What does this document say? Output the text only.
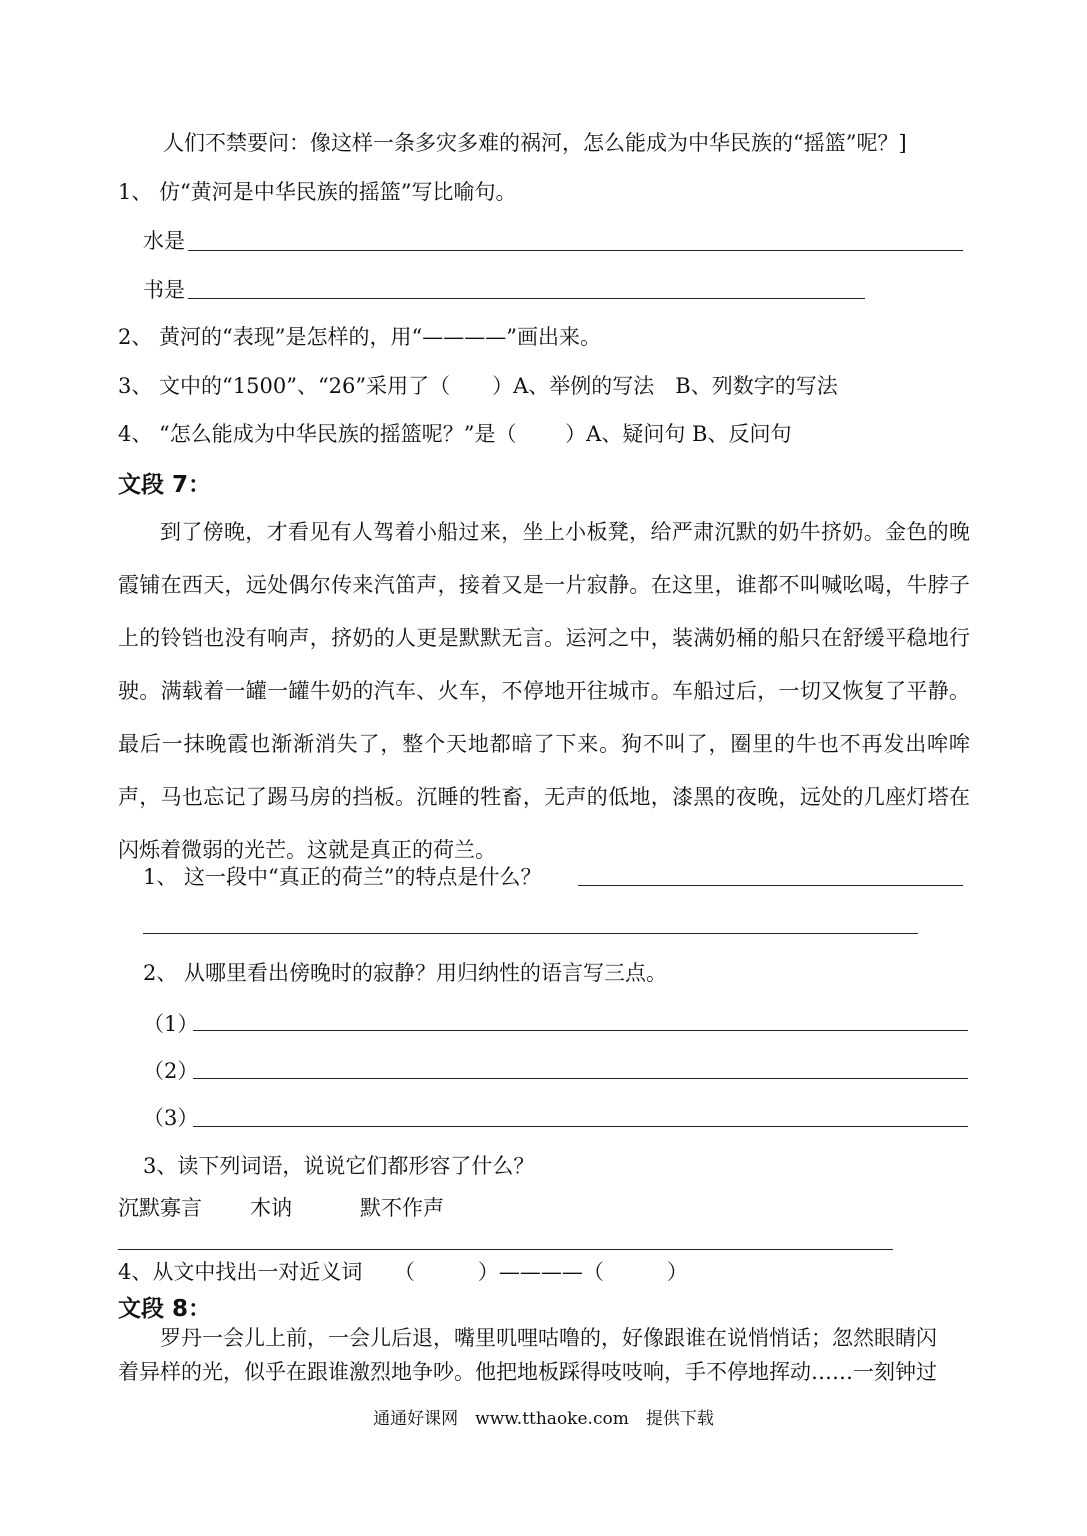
人们不禁要问：像这样一条多灾多难的祸河，怎么能成为中华民族的“摇篮”呢？]
1、 仿“黄河是中华民族的摇篮”写比喻句。
水是
书是
2、 黄河的“表现”是怎样的，用“————”画出来。
3、 文中的“1500”、“26”采用了（　　）A、举例的写法　B、列数字的写法
4、 “怎么能成为中华民族的摇篮呢？”是（　　 ）A、疑问句 B、反问句
文段 7：
到了傍晚，才看见有人驾着小船过来，坐上小板凳，给严肃沉默的奶牛挤奶。金色的晚霞铺在西天，远处偶尔传来汽笛声，接着又是一片寂静。在这里，谁都不叫喊吆喝，牛脖子上的铃铛也没有响声，挤奶的人更是默默无言。运河之中，装满奶桶的船只在舒缓平稳地行驶。满载着一罐一罐牛奶的汽车、火车，不停地开往城市。车船过后，一切又恢复了平静。最后一抹晚霞也渐渐消失了，整个天地都暗了下来。狗不叫了，圈里的牛也不再发出哞哞声，马也忘记了踢马房的挡板。沉睡的牲畜，无声的低地，漆黑的夜晚，远处的几座灯塔在闪烁着微弱的光芒。这就是真正的荷兰。
1、 这一段中“真正的荷兰”的特点是什么？
2、 从哪里看出傍晚时的寂静？用归纳性的语言写三点。
（1）
（2）
（3）
3、读下列词语，说说它们都形容了什么？
沉默寡言 木讷	默不作声
4、从文中找出一对近义词　　（　　　）————（　　　）
文段 8：
罗丹一会儿上前，一会儿后退，嘴里叽哩咕噜的，好像跟谁在说悄悄话；忽然眼睛闪
着异样的光，似乎在跟谁激烈地争吵。他把地板踩得吱吱响，手不停地挥动……一刻钟过
通通好课网　www.tthaoke.com　提供下载
